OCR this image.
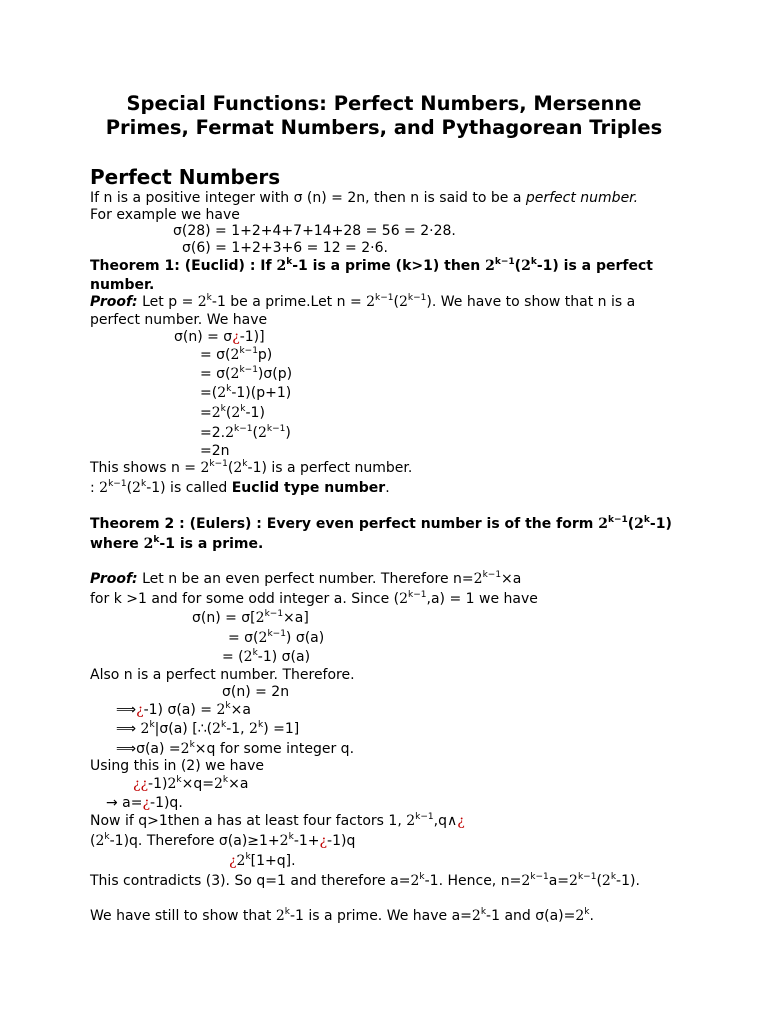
Special Functions: Perfect Numbers, Mersenne
Primes, Fermat Numbers, and Pythagorean Triples
Perfect Numbers
If n is a positive integer with σ (n) = 2n, then n is said to be a perfect number.
For example we have
σ(28) = 1+2+4+7+14+28 = 56 = 2·28.
σ(6) = 1+2+3+6 = 12 = 2·6.
Theorem 1: (Euclid) : If 2$^k$-1 is a prime (k>1) then $2^{k-1}(2^k-1)$ is a perfect
number.
Proof: Let $p = 2^k-1$ be a prime.Let $n = 2^{k-1}(2^{k-1})$. We have to show that n is a
perfect number. We have
σ(n) = σ¿-1)]
= $\sigma(2^{k-1}p)$
= $\sigma(2^{k-1})\sigma(p)$
$=(2^k-1)(p+1)$
$=2^k(2^k-1)$
$=2.2^{k-1}(2^{k-1})$
=2n
This shows $n = 2^{k-1}(2^k-1)$ is a perfect number.
: $2^{k-1}(2^k-1)$ is called Euclid type number.
Theorem 2 : (Eulers) : Every even perfect number is of the form $2^{k-1}(2^k-1)$
where 2$^k$-1 is a prime.
Proof: Let n be an even perfect number. Therefore $n=2^{k-1}\times a$
for k >1 and for some odd integer a. Since $(2^{k-1},a) = 1$ we have
$\sigma(n) = \sigma[2^{k-1}\times a]$
= $\sigma(2^{k-1})$ σ(a)
= $(2^k-1)$ σ(a)
Also n is a perfect number. Therefore.
σ(n) = 2n
⟹¿-1) $\sigma(a) = 2^k\times a$
⟹ 2$^k$|σ(a) [∴(2$^k$-1, $2^k) =1$]
⟹σ(a) $=2^k\times q$ for some integer q.
Using this in (2) we have
¿¿$-1)2^k\times q=2^k\times a$
→ a=¿-1)q.
Now if q>1then a has at least four factors 1, $2^{k-1},q\wedge¿$
(2$^k$-1)q. Therefore $\sigma(a)\ge 1+2^k-1+¿-1)q$
¿$2^k[1+q]$.
This contradicts (3). So q=1 and therefore $a=2^k-1$. Hence, $n=2^{k-1}a=2^{k-1}(2^k-1)$.
We have still to show that 2$^k$-1 is a prime. We have $a=2^k-1$ and $\sigma(a)=2^k$.
